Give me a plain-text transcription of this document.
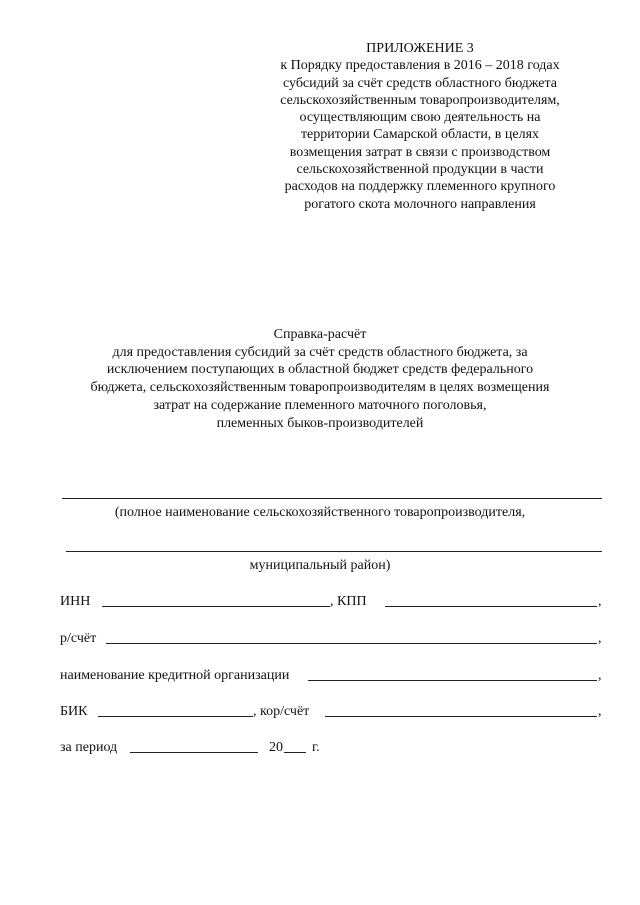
ПРИЛОЖЕНИЕ 3
к Порядку предоставления в 2016 – 2018 годах
субсидий за счёт средств областного бюджета
сельскохозяйственным товаропроизводителям,
осуществляющим свою деятельность на
территории Самарской области, в целях
возмещения затрат в связи с производством
сельскохозяйственной продукции в части
расходов на поддержку племенного крупного
рогатого скота молочного направления
Справка-расчёт
для предоставления субсидий за счёт средств областного бюджета, за
исключением поступающих в областной бюджет средств федерального
бюджета, сельскохозяйственным товаропроизводителям в целях возмещения
затрат на содержание племенного маточного поголовья,
племенных быков-производителей
(полное наименование сельскохозяйственного товаропроизводителя,
муниципальный район)
ИНН	, КПП	,
р/счёт	,
наименование кредитной организации	,
БИК	, кор/счёт	,
за период	20 г.
